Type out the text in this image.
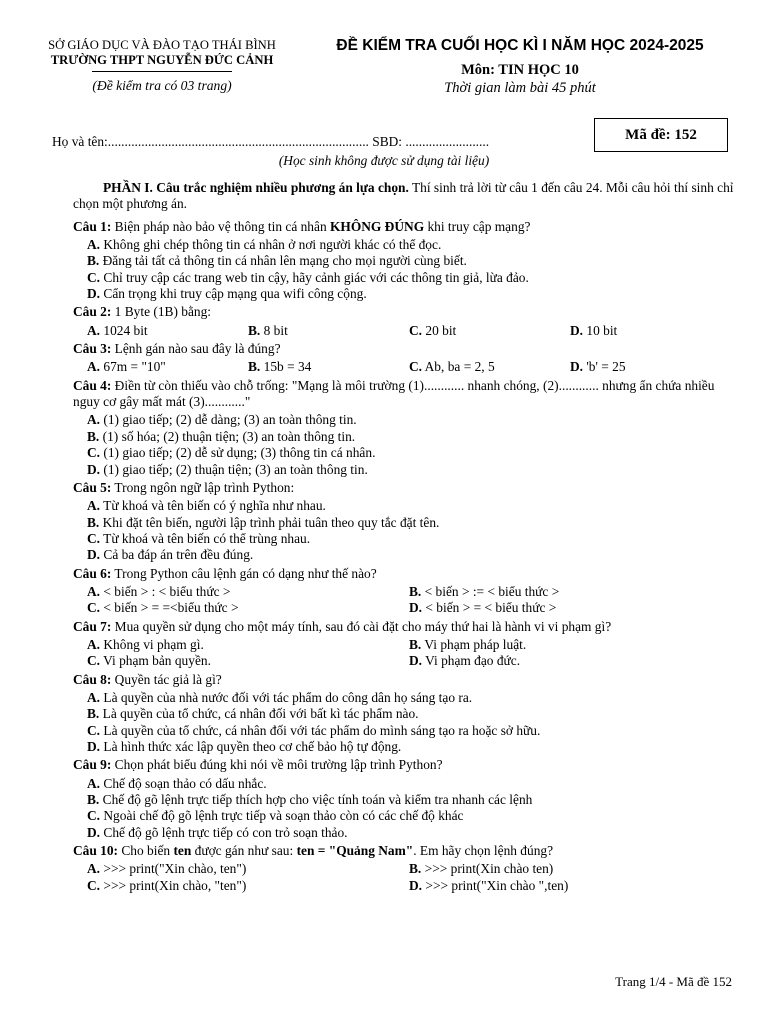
SỞ GIÁO DỤC VÀ ĐÀO TẠO THÁI BÌNH
TRƯỜNG THPT NGUYỄN ĐỨC CẢNH
(Đề kiểm tra có 03 trang)
ĐỀ KIỂM TRA CUỐI HỌC KÌ I NĂM HỌC 2024-2025
Môn: TIN HỌC 10
Thời gian làm bài 45 phút
Mã đề: 152
Họ và tên:.............................................................................. SBD: .........................
(Học sinh không được sử dụng tài liệu)
PHẦN I. Câu trắc nghiệm nhiều phương án lựa chọn. Thí sinh trả lời từ câu 1 đến câu 24. Mỗi câu hỏi thí sinh chỉ chọn một phương án.
Câu 1: Biện pháp nào bảo vệ thông tin cá nhân KHÔNG ĐÚNG khi truy cập mạng?
A. Không ghi chép thông tin cá nhân ở nơi người khác có thể đọc.
B. Đăng tải tất cả thông tin cá nhân lên mạng cho mọi người cùng biết.
C. Chỉ truy cập các trang web tin cậy, hãy cảnh giác với các thông tin giả, lừa đảo.
D. Cẩn trọng khi truy cập mạng qua wifi công cộng.
Câu 2: 1 Byte (1B) bằng:
A. 1024 bit	B. 8 bit	C. 20 bit	D. 10 bit
Câu 3: Lệnh gán nào sau đây là đúng?
A. 67m = "10"	B. 15b = 34	C. Ab, ba = 2, 5	D. 'b' = 25
Câu 4: Điền từ còn thiếu vào chỗ trống: "Mạng là môi trường (1)............ nhanh chóng, (2)............ nhưng ẩn chứa nhiều nguy cơ gây mất mát (3)............"
A. (1) giao tiếp; (2) dễ dàng; (3) an toàn thông tin.
B. (1) số hóa; (2) thuận tiện; (3) an toàn thông tin.
C. (1) giao tiếp; (2) dễ sử dụng; (3) thông tin cá nhân.
D. (1) giao tiếp; (2) thuận tiện; (3) an toàn thông tin.
Câu 5: Trong ngôn ngữ lập trình Python:
A. Từ khoá và tên biến có ý nghĩa như nhau.
B. Khi đặt tên biến, người lập trình phải tuân theo quy tắc đặt tên.
C. Từ khoá và tên biến có thể trùng nhau.
D. Cả ba đáp án trên đều đúng.
Câu 6: Trong Python câu lệnh gán có dạng như thế nào?
A. < biến > : < biểu thức >	B. < biến > := < biểu thức >
C. < biến > = =<biểu thức >	D. < biến > = < biểu thức >
Câu 7: Mua quyền sử dụng cho một máy tính, sau đó cài đặt cho máy thứ hai là hành vi vi phạm gì?
A. Không vi phạm gì.	B. Vi phạm pháp luật.
C. Vi phạm bản quyền.	D. Vi phạm đạo đức.
Câu 8: Quyền tác giả là gì?
A. Là quyền của nhà nước đối với tác phẩm do công dân họ sáng tạo ra.
B. Là quyền của tổ chức, cá nhân đối với bất kì tác phẩm nào.
C. Là quyền của tổ chức, cá nhân đối với tác phẩm do mình sáng tạo ra hoặc sở hữu.
D. Là hình thức xác lập quyền theo cơ chế bảo hộ tự động.
Câu 9: Chọn phát biểu đúng khi nói về môi trường lập trình Python?
A. Chế độ soạn thảo có dấu nhắc.
B. Chế độ gõ lệnh trực tiếp thích hợp cho việc tính toán và kiểm tra nhanh các lệnh
C. Ngoài chế độ gõ lệnh trực tiếp và soạn thảo còn có các chế độ khác
D. Chế độ gõ lệnh trực tiếp có con trỏ soạn thảo.
Câu 10: Cho biến ten được gán như sau: ten = "Quảng Nam". Em hãy chọn lệnh đúng?
A. >>> print("Xin chào, ten")	B. >>> print(Xin chào ten)
C. >>> print(Xin chào, "ten")	D. >>> print("Xin chào ",ten)
Trang 1/4 - Mã đề 152
